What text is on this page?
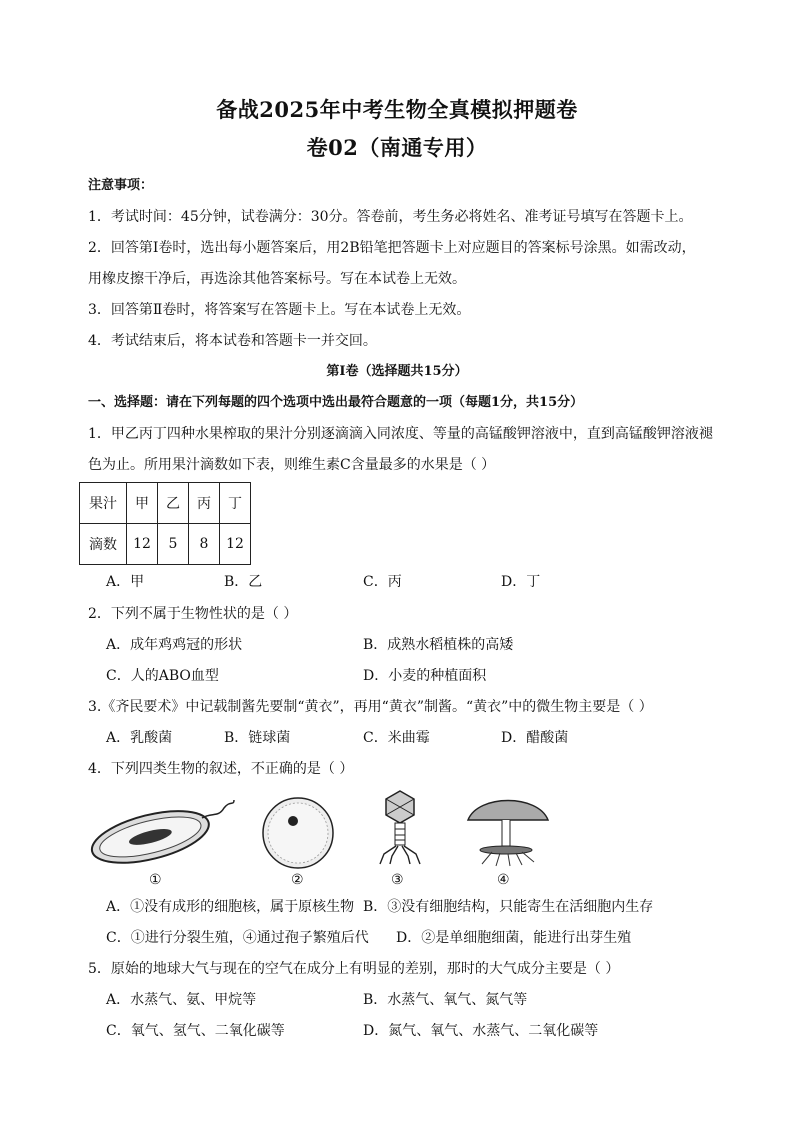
备战2025年中考生物全真模拟押题卷
卷02（南通专用）
注意事项：
1．考试时间：45分钟，试卷满分：30分。答卷前，考生务必将姓名、准考证号填写在答题卡上。
2．回答第Ⅰ卷时，选出每小题答案后，用2B铅笔把答题卡上对应题目的答案标号涂黑。如需改动，
用橡皮擦干净后，再选涂其他答案标号。写在本试卷上无效。
3．回答第Ⅱ卷时，将答案写在答题卡上。写在本试卷上无效。
4．考试结束后，将本试卷和答题卡一并交回。
第Ⅰ卷（选择题共15分）
一、选择题：请在下列每题的四个选项中选出最符合题意的一项（每题1分，共15分）
1．甲乙丙丁四种水果榨取的果汁分别逐滴滴入同浓度、等量的高锰酸钾溶液中，直到高锰酸钾溶液褪
色为止。所用果汁滴数如下表，则维生素C含量最多的水果是（ ）
果汁	甲	乙	丙	丁
滴数	12	5	8	12
A．甲	B．乙	C．丙	D．丁
2．下列不属于生物性状的是（ ）
A．成年鸡鸡冠的形状	B．成熟水稻植株的高矮
C．人的ABO血型	D．小麦的种植面积
3.《齐民要术》中记载制酱先要制“黄衣”，再用“黄衣”制酱。“黄衣”中的微生物主要是（ ）
A．乳酸菌	B．链球菌	C．米曲霉	D．醋酸菌
4．下列四类生物的叙述，不正确的是（ ）
①	②	③	④
A．①没有成形的细胞核，属于原核生物 B．③没有细胞结构，只能寄生在活细胞内生存
C．①进行分裂生殖，④通过孢子繁殖后代 D．②是单细胞细菌，能进行出芽生殖
5．原始的地球大气与现在的空气在成分上有明显的差别，那时的大气成分主要是（ ）
A．水蒸气、氨、甲烷等	B．水蒸气、氧气、氮气等
C．氧气、氢气、二氧化碳等	D．氮气、氧气、水蒸气、二氧化碳等
